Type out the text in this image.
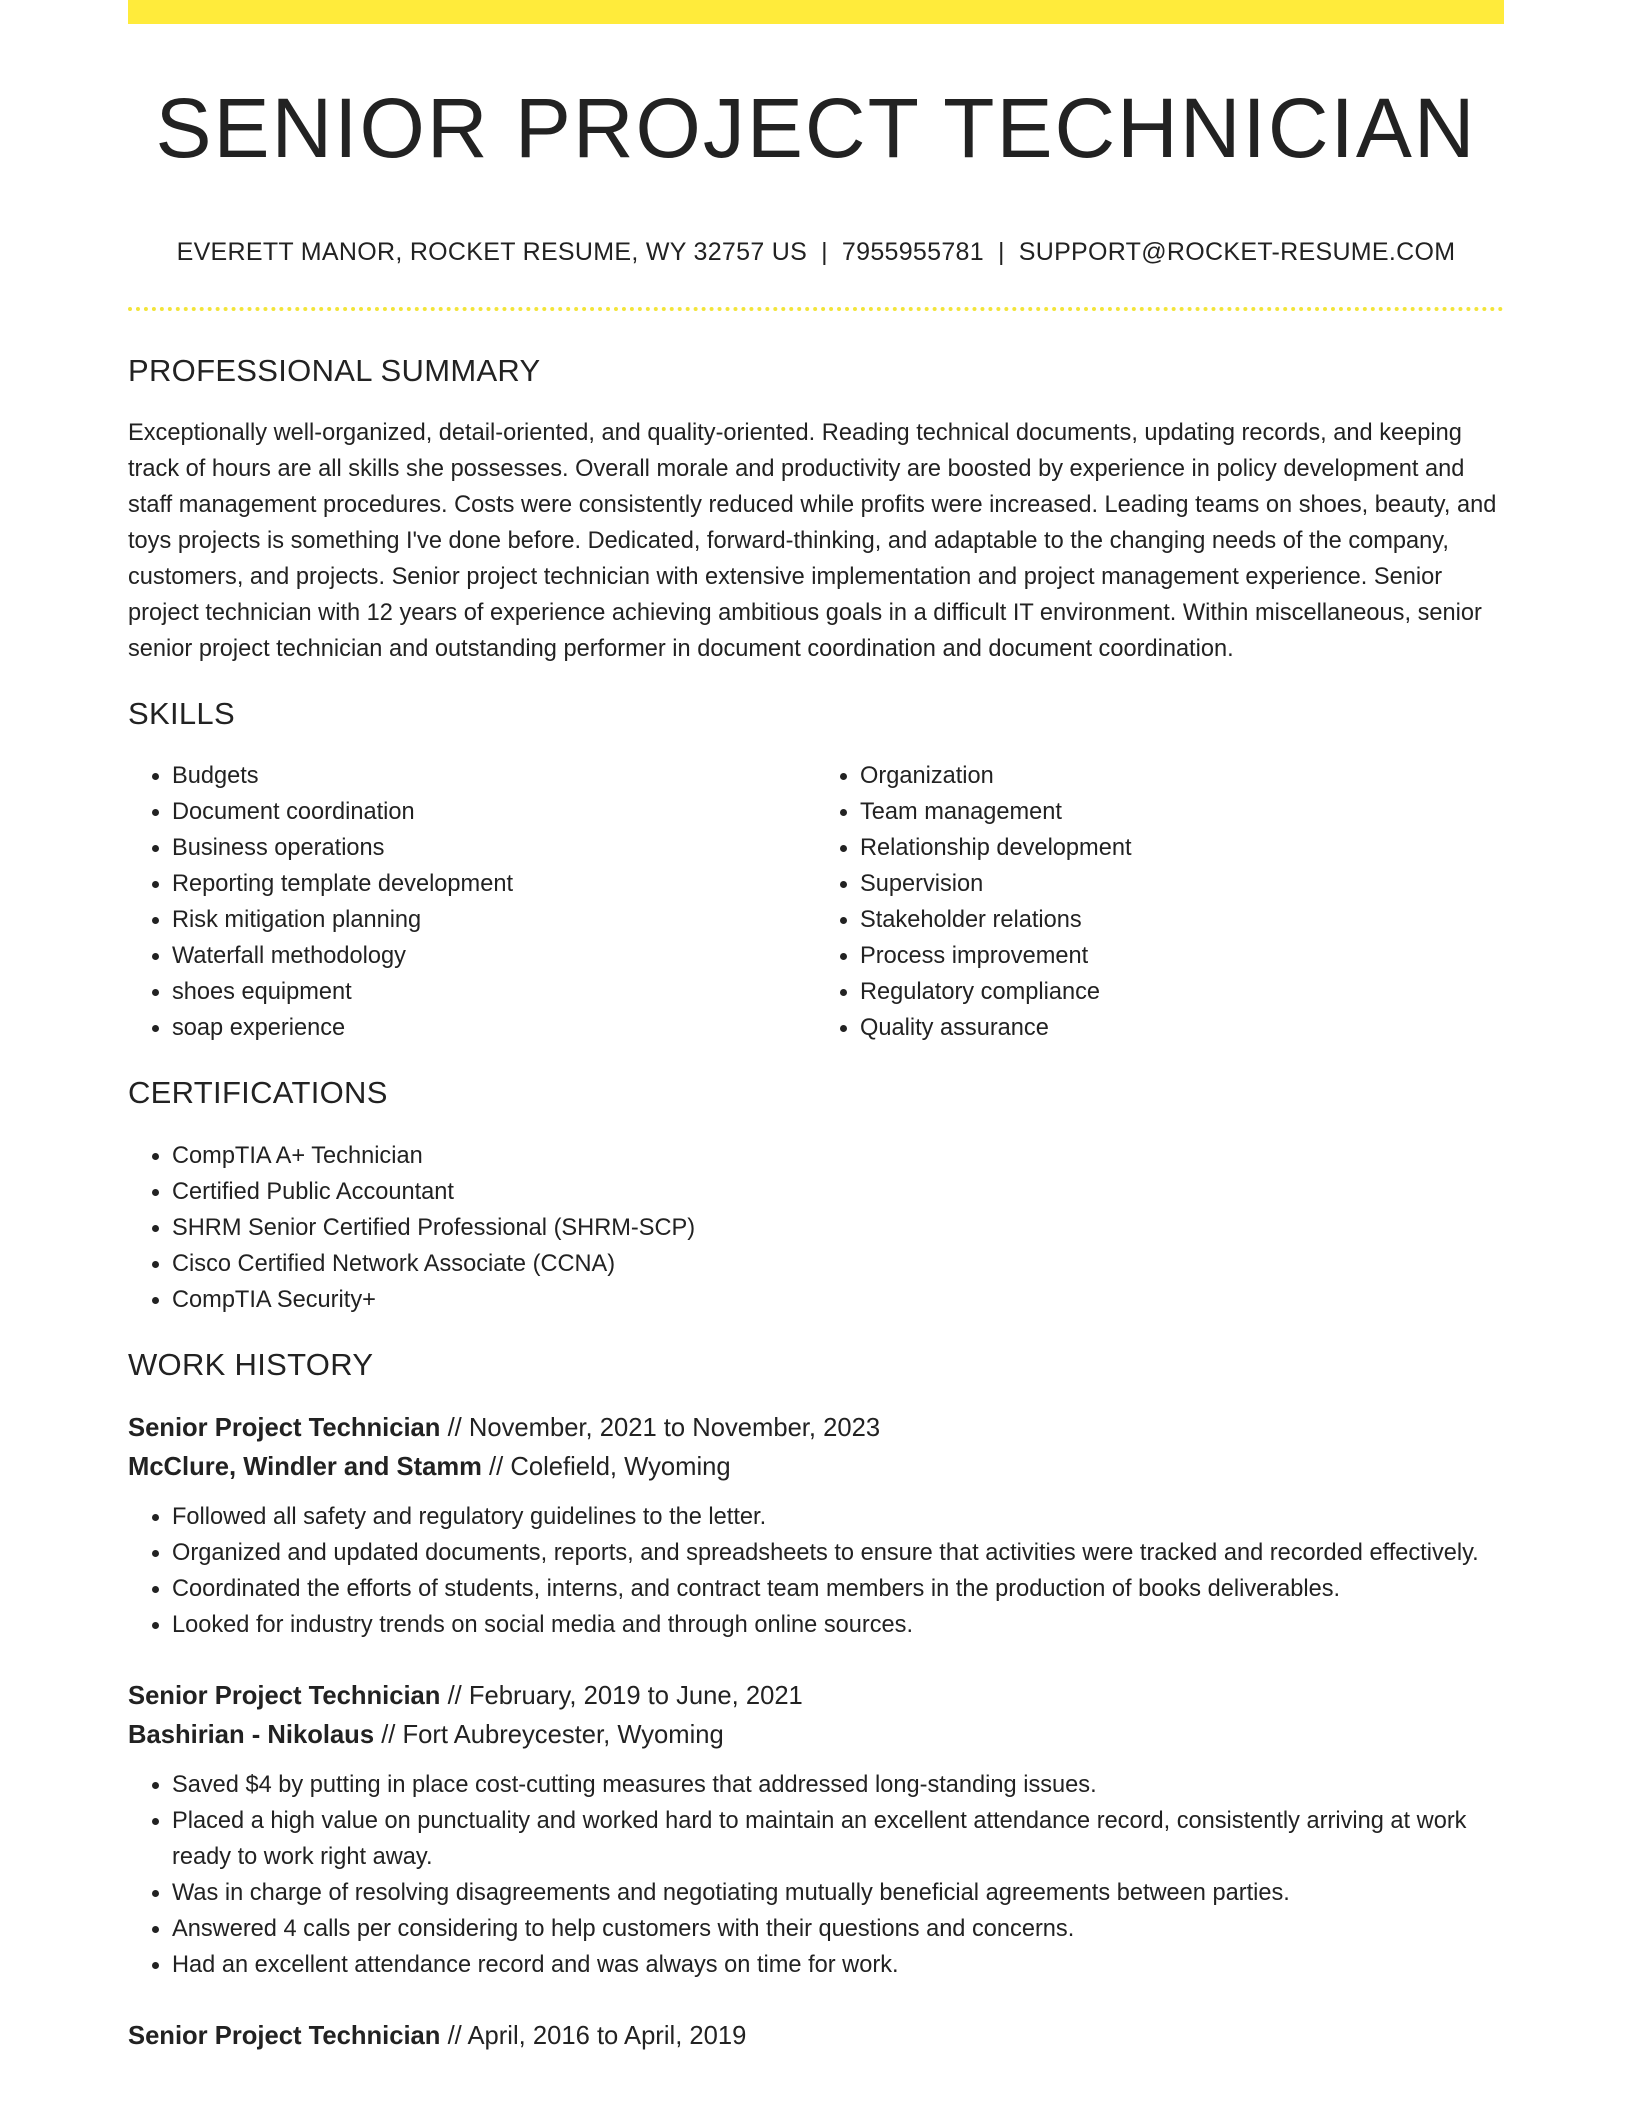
SENIOR PROJECT TECHNICIAN
EVERETT MANOR, ROCKET RESUME, WY 32757 US | 7955955781 | SUPPORT@ROCKET-RESUME.COM
PROFESSIONAL SUMMARY

Exceptionally well-organized, detail-oriented, and quality-oriented. Reading technical documents, updating records, and keeping track of hours are all skills she possesses. Overall morale and productivity are boosted by experience in policy development and staff management procedures. Costs were consistently reduced while profits were increased. Leading teams on shoes, beauty, and toys projects is something I've done before. Dedicated, forward-thinking, and adaptable to the changing needs of the company, customers, and projects. Senior project technician with extensive implementation and project management experience. Senior project technician with 12 years of experience achieving ambitious goals in a difficult IT environment. Within miscellaneous, senior senior project technician and outstanding performer in document coordination and document coordination.

SKILLS
• Budgets
• Document coordination
• Business operations
• Reporting template development
• Risk mitigation planning
• Waterfall methodology
• shoes equipment
• soap experience
• Organization
• Team management
• Relationship development
• Supervision
• Stakeholder relations
• Process improvement
• Regulatory compliance
• Quality assurance
CERTIFICATIONS
• CompTIA A+ Technician
• Certified Public Accountant
• SHRM Senior Certified Professional (SHRM-SCP)
• Cisco Certified Network Associate (CCNA)
• CompTIA Security+
WORK HISTORY
Senior Project Technician // November, 2021 to November, 2023
McClure, Windler and Stamm // Colefield, Wyoming
• Followed all safety and regulatory guidelines to the letter.
• Organized and updated documents, reports, and spreadsheets to ensure that activities were tracked and recorded effectively.
• Coordinated the efforts of students, interns, and contract team members in the production of books deliverables.
• Looked for industry trends on social media and through online sources.
Senior Project Technician // February, 2019 to June, 2021
Bashirian - Nikolaus // Fort Aubreycester, Wyoming
• Saved $4 by putting in place cost-cutting measures that addressed long-standing issues.
• Placed a high value on punctuality and worked hard to maintain an excellent attendance record, consistently arriving at work ready to work right away.
• Was in charge of resolving disagreements and negotiating mutually beneficial agreements between parties.
• Answered 4 calls per considering to help customers with their questions and concerns.
• Had an excellent attendance record and was always on time for work.
Senior Project Technician // April, 2016 to April, 2019
